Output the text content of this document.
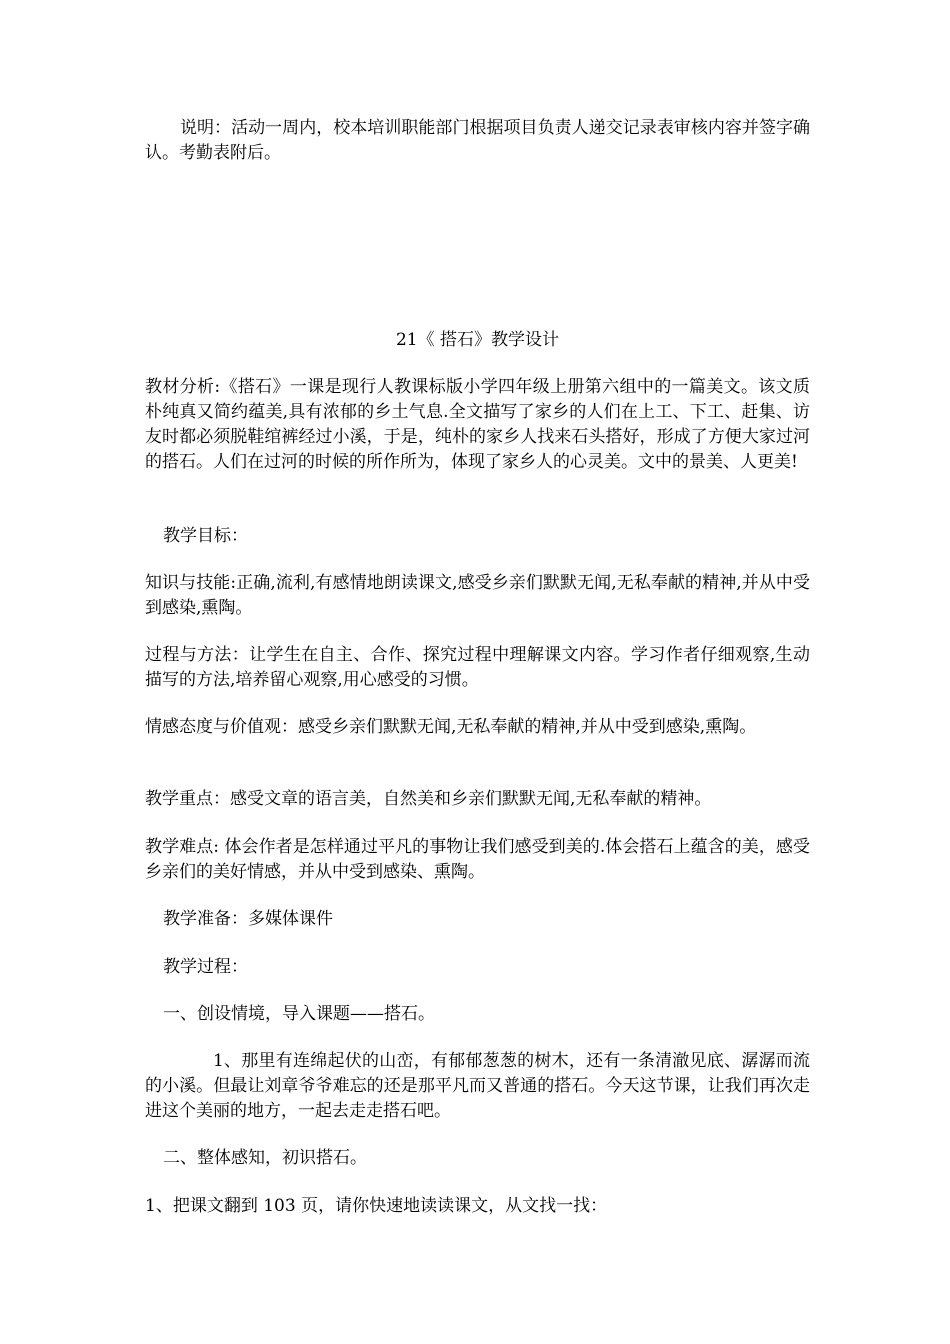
说明：活动一周内，校本培训职能部门根据项目负责人递交记录表审核内容并签字确认。考勤表附后。

21《 搭石》教学设计

教材分析:《搭石》一课是现行人教课标版小学四年级上册第六组中的一篇美文。该文质朴纯真又简约蕴美,具有浓郁的乡土气息.全文描写了家乡的人们在上工、下工、赶集、访友时都必须脱鞋绾裤经过小溪，于是，纯朴的家乡人找来石头搭好，形成了方便大家过河的搭石。人们在过河的时候的所作所为，体现了家乡人的心灵美。文中的景美、人更美!

教学目标：

知识与技能:正确,流利,有感情地朗读课文,感受乡亲们默默无闻,无私奉献的精神,并从中受到感染,熏陶。

过程与方法：让学生在自主、合作、探究过程中理解课文内容。学习作者仔细观察,生动描写的方法,培养留心观察,用心感受的习惯。

情感态度与价值观：感受乡亲们默默无闻,无私奉献的精神,并从中受到感染,熏陶。

教学重点：感受文章的语言美，自然美和乡亲们默默无闻,无私奉献的精神。

教学难点: 体会作者是怎样通过平凡的事物让我们感受到美的.体会搭石上蕴含的美，感受乡亲们的美好情感，并从中受到感染、熏陶。

教学准备：多媒体课件

教学过程：

一、创设情境，导入课题——搭石。

1、那里有连绵起伏的山峦，有郁郁葱葱的树木，还有一条清澈见底、潺潺而流的小溪。但最让刘章爷爷难忘的还是那平凡而又普通的搭石。今天这节课，让我们再次走进这个美丽的地方，一起去走走搭石吧。

二、整体感知，初识搭石。

1、把课文翻到 103 页，请你快速地读读课文，从文找一找：
